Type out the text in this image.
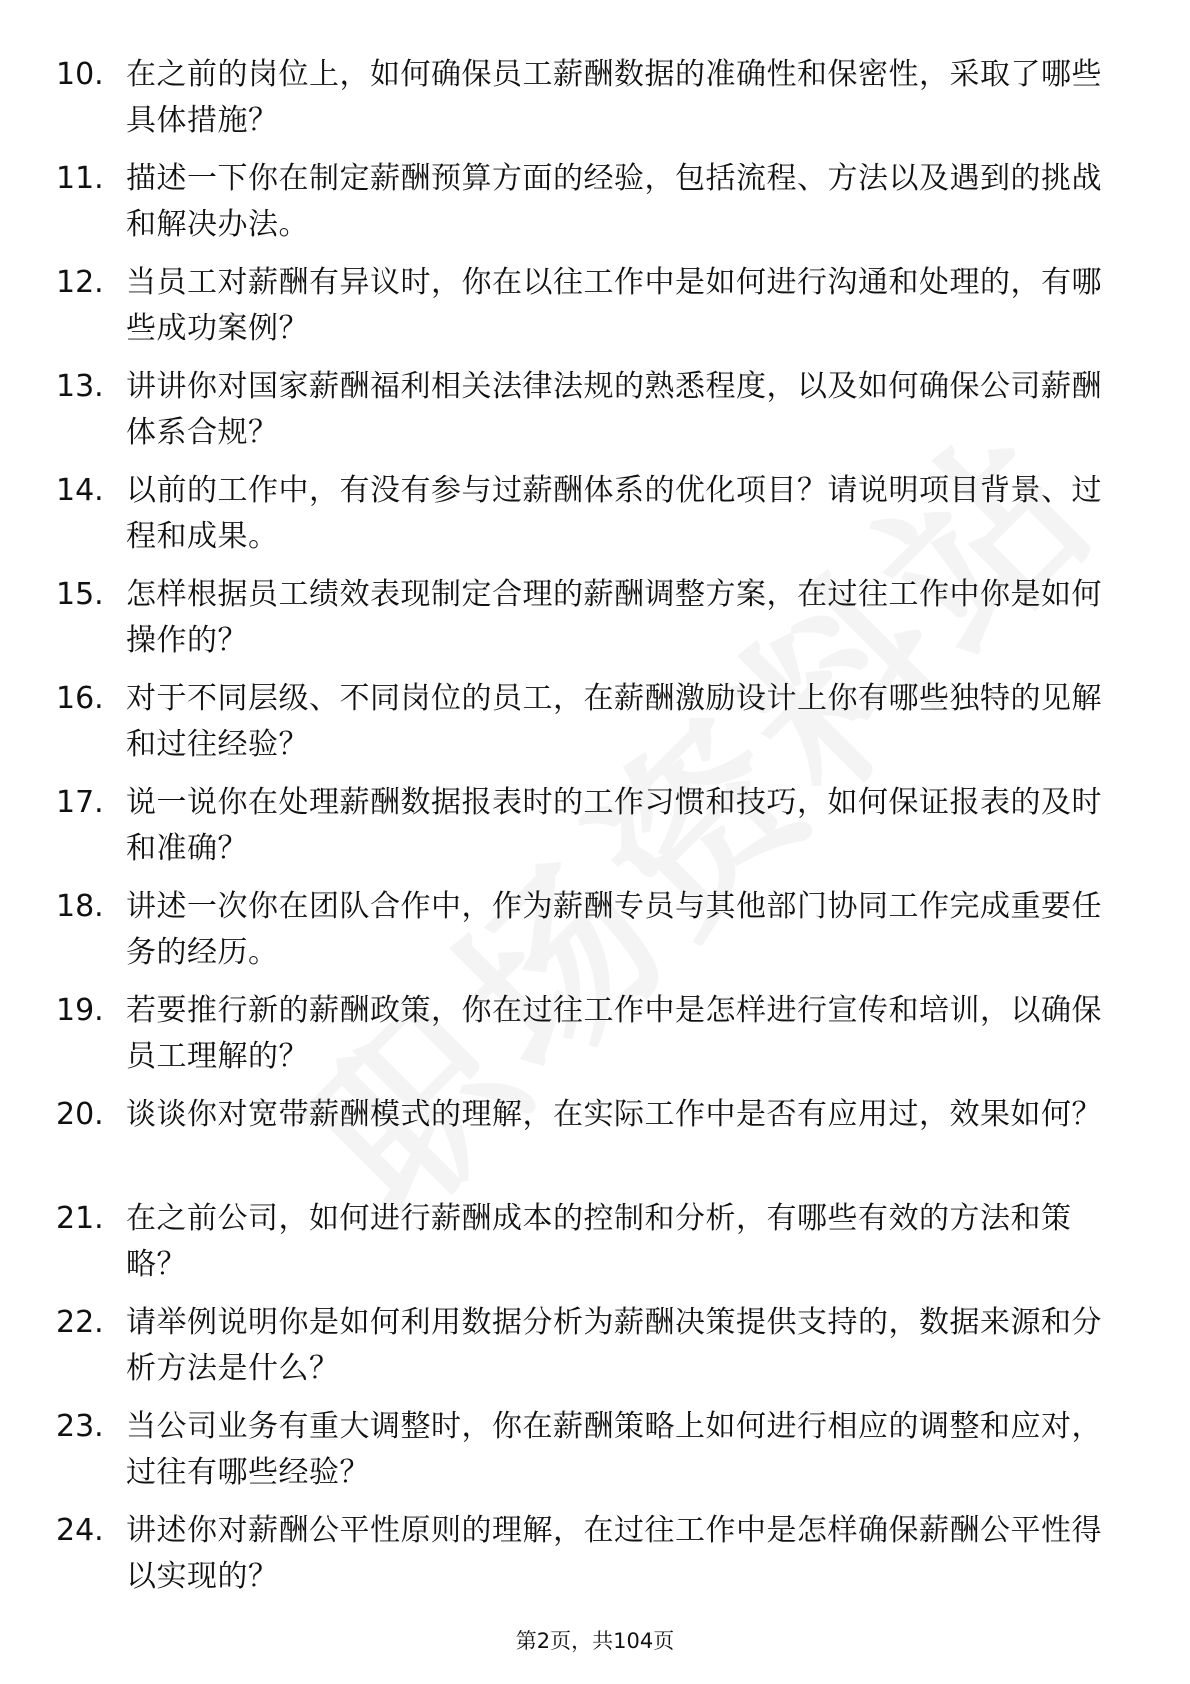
10. 在之前的岗位上，如何确保员工薪酬数据的准确性和保密性，采取了哪些具体措施？
11. 描述一下你在制定薪酬预算方面的经验，包括流程、方法以及遇到的挑战和解决办法。
12. 当员工对薪酬有异议时，你在以往工作中是如何进行沟通和处理的，有哪些成功案例？
13. 讲讲你对国家薪酬福利相关法律法规的熟悉程度，以及如何确保公司薪酬体系合规？
14. 以前的工作中，有没有参与过薪酬体系的优化项目？请说明项目背景、过程和成果。
15. 怎样根据员工绩效表现制定合理的薪酬调整方案，在过往工作中你是如何操作的？
16. 对于不同层级、不同岗位的员工，在薪酬激励设计上你有哪些独特的见解和过往经验？
17. 说一说你在处理薪酬数据报表时的工作习惯和技巧，如何保证报表的及时和准确？
18. 讲述一次你在团队合作中，作为薪酬专员与其他部门协同工作完成重要任务的经历。
19. 若要推行新的薪酬政策，你在过往工作中是怎样进行宣传和培训，以确保员工理解的？
20. 谈谈你对宽带薪酬模式的理解，在实际工作中是否有应用过，效果如何？
21. 在之前公司，如何进行薪酬成本的控制和分析，有哪些有效的方法和策略？
22. 请举例说明你是如何利用数据分析为薪酬决策提供支持的，数据来源和分析方法是什么？
23. 当公司业务有重大调整时，你在薪酬策略上如何进行相应的调整和应对，过往有哪些经验？
24. 讲述你对薪酬公平性原则的理解，在过往工作中是怎样确保薪酬公平性得以实现的？
第2页，共104页
